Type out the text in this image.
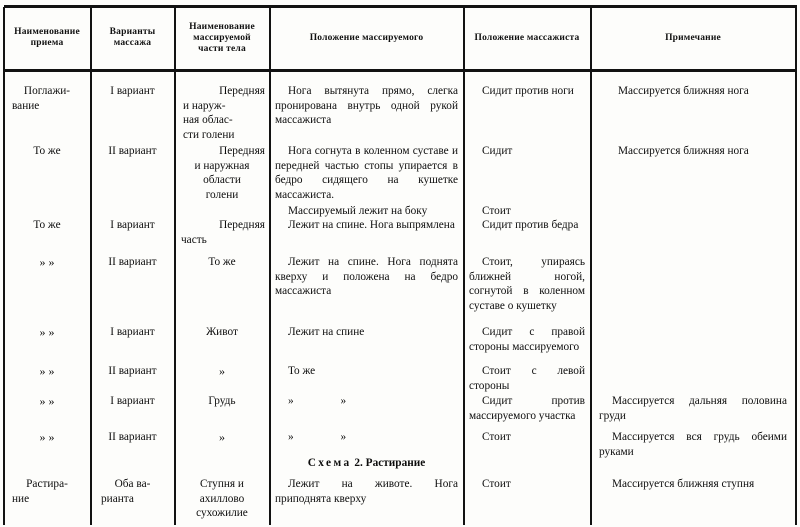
Наименование
приема
Варианты
массажа
Наименование
массируемой
части тела
Положение массируемого	Положение массажиста	Примечание
Поглажи-
вание
То же
То же
» »
» »
» »
» »
» »
Растира-
ние
I вариант
II вариант
I вариант
II вариант
I вариант
II вариант
I вариант
II вариант
Оба ва-
рианта
Передняя
и наруж-
ная облас-
сти голени
Передняя
и наружная
области
голени
Передняя
часть
То же
Живот
»
Грудь
»
Ступня и
ахиллово
сухожилие
Нога вытянута прямо, слегка пронирована внутрь одной рукой массажиста
Нога согнута в коленном суставе и передней частью стопы упирается в бедро сидящего на кушетке массажиста.
Массируемый лежит на боку
Лежит на спине. Нога выпрямлена
Лежит на спине. Нога поднята кверху и положена на бедро массажиста
Лежит на спине
То же
» »
» »
Схема 2. Растирание
Лежит на животе. Нога приподнята кверху
Сидит против ноги
Сидит
Стоит
Сидит против бедра
Стоит, упираясь ближней ногой, согнутой в коленном суставе о кушетку
Сидит с правой стороны массируемого
Стоит с левой стороны
Сидит против массируемого участка
Стоит
Стоит
Массируется ближняя нога
Массируется ближняя нога
Массируется дальняя половина груди
Массируется вся грудь обеими руками
Массируется ближняя ступня
